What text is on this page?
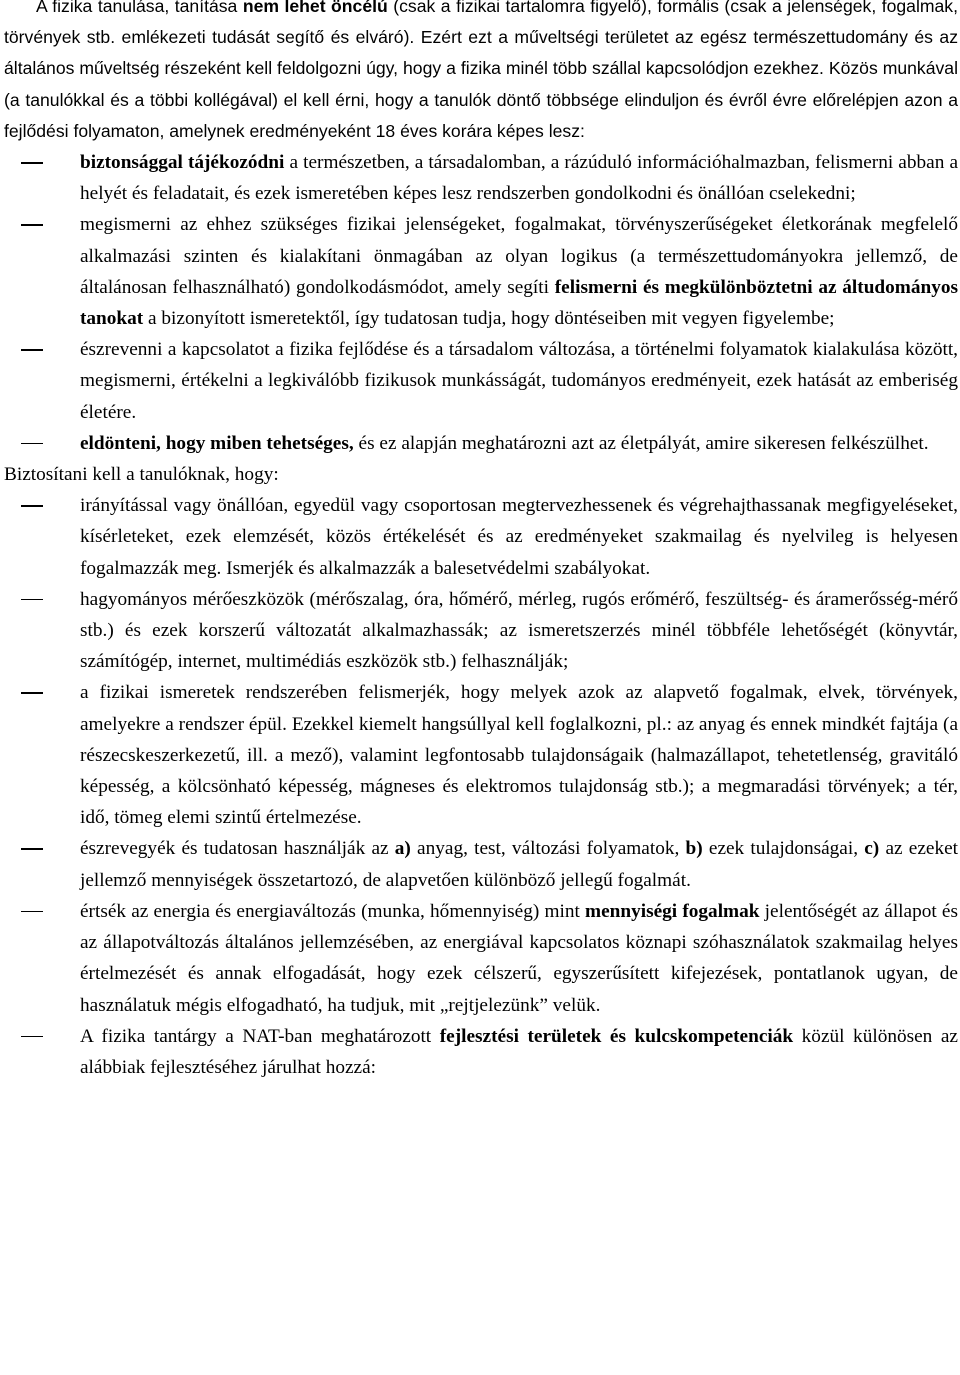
A fizika tanulása, tanítása nem lehet öncélú (csak a fizikai tartalomra figyelő), formális (csak a jelenségek, fogalmak, törvények stb. emlékezeti tudását segítő és elváró). Ezért ezt a műveltségi területet az egész természettudomány és az általános műveltség részeként kell feldolgozni úgy, hogy a fizika minél több szállal kapcsolódjon ezekhez. Közös munkával (a tanulókkal és a többi kollégával) el kell érni, hogy a tanulók döntő többsége elinduljon és évről évre előrelépjen azon a fejlődési folyamaton, amelynek eredményeként 18 éves korára képes lesz:

biztonsággal tájékozódni a természetben, a társadalomban, a rázúduló információhalmazban, felismerni abban a helyét és feladatait, és ezek ismeretében képes lesz rendszerben gondolkodni és önállóan cselekedni;
megismerni az ehhez szükséges fizikai jelenségeket, fogalmakat, törvényszerűségeket életkorának megfelelő alkalmazási szinten és kialakítani önmagában az olyan logikus (a természettudományokra jellemző, de általánosan felhasználható) gondolkodásmódot, amely segíti felismerni és megkülönböztetni az áltudományos tanokat a bizonyított ismeretektől, így tudatosan tudja, hogy döntéseiben mit vegyen figyelembe;
észrevenni a kapcsolatot a fizika fejlődése és a társadalom változása, a történelmi folyamatok kialakulása között, megismerni, értékelni a legkiválóbb fizikusok munkásságát, tudományos eredményeit, ezek hatását az emberiség életére.
eldönteni, hogy miben tehetséges, és ez alapján meghatározni azt az életpályát, amire sikeresen felkészülhet.

Biztosítani kell a tanulóknak, hogy:

irányítással vagy önállóan, egyedül vagy csoportosan megtervezhessenek és végrehajthassanak megfigyeléseket, kísérleteket, ezek elemzését, közös értékelését és az eredményeket szakmailag és nyelvileg is helyesen fogalmazzák meg. Ismerjék és alkalmazzák a balesetvédelmi szabályokat.
hagyományos mérőeszközök (mérőszalag, óra, hőmérő, mérleg, rugós erőmérő, feszültség- és áramerősség-mérő stb.) és ezek korszerű változatát alkalmazhassák; az ismeretszerzés minél többféle lehetőségét (könyvtár, számítógép, internet, multimédiás eszközök stb.) felhasználják;
a fizikai ismeretek rendszerében felismerjék, hogy melyek azok az alapvető fogalmak, elvek, törvények, amelyekre a rendszer épül. Ezekkel kiemelt hangsúllyal kell foglalkozni, pl.: az anyag és ennek mindkét fajtája (a részecskeszerkezetű, ill. a mező), valamint legfontosabb tulajdonságaik (halmazállapot, tehetetlenség, gravitáló képesség, a kölcsönható képesség, mágneses és elektromos tulajdonság stb.); a megmaradási törvények; a tér, idő, tömeg elemi szintű értelmezése.
észrevegyék és tudatosan használják az a) anyag, test, változási folyamatok, b) ezek tulajdonságai, c) az ezeket jellemző mennyiségek összetartozó, de alapvetően különböző jellegű fogalmát.
értsék az energia és energiaváltozás (munka, hőmennyiség) mint mennyiségi fogalmak jelentőségét az állapot és az állapotváltozás általános jellemzésében, az energiával kapcsolatos köznapi szóhasználatok szakmailag helyes értelmezését és annak elfogadását, hogy ezek célszerű, egyszerűsített kifejezések, pontatlanok ugyan, de használatuk mégis elfogadható, ha tudjuk, mit „rejtjelezünk” velük.
A fizika tantárgy a NAT-ban meghatározott fejlesztési területek és kulcskompetenciák közül különösen az alábbiak fejlesztéséhez járulhat hozzá:
